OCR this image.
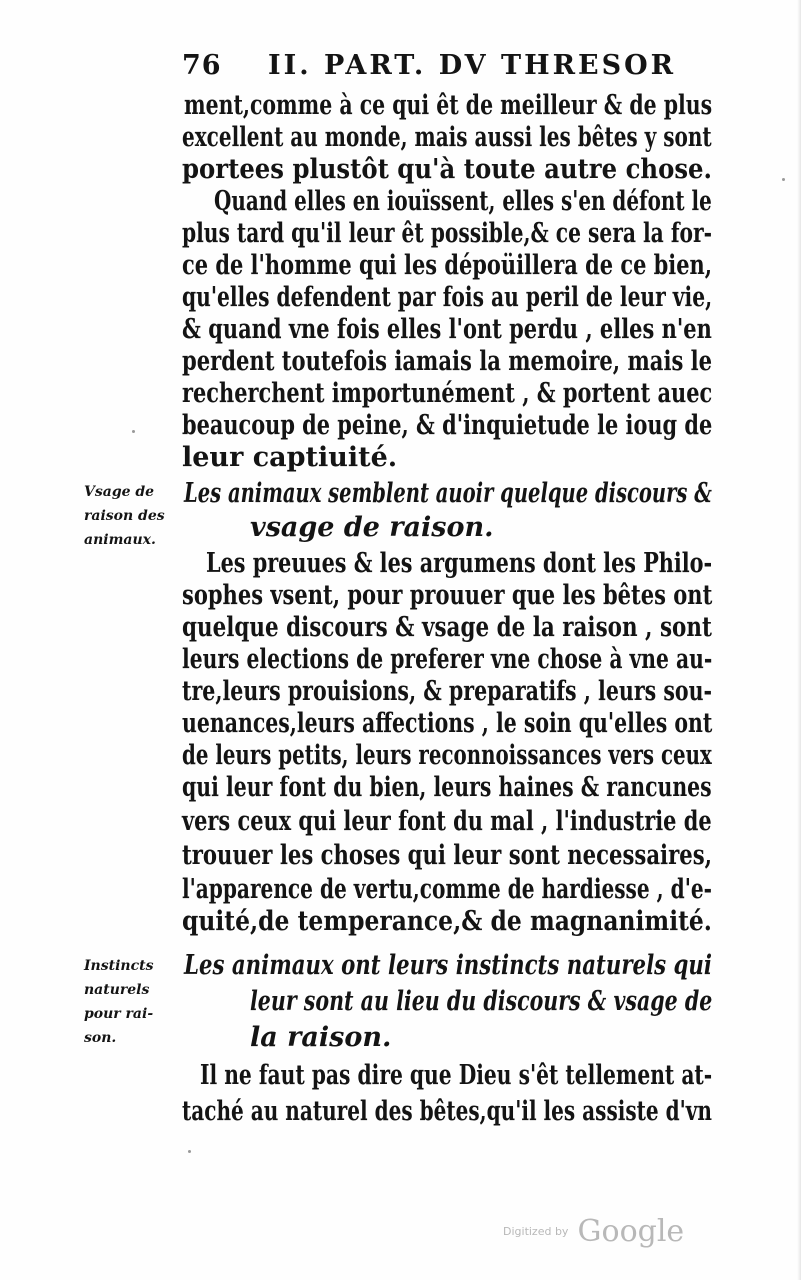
76 II. PART. DV THRESOR
ment,comme à ce qui êt de meilleur & de plus
excellent au monde, mais aussi les bêtes y sont
portees plustôt qu'à toute autre chose.
Quand elles en iouïssent, elles s'en défont le
plus tard qu'il leur êt possible,& ce sera la for-
ce de l'homme qui les dépoüillera de ce bien,
qu'elles defendent par fois au peril de leur vie,
& quand vne fois elles l'ont perdu , elles n'en
perdent toutefois iamais la memoire, mais le
recherchent importunément , & portent auec
beaucoup de peine, & d'inquietude le ioug de
leur captiuité.
Vsage de
raison des
animaux.
Les animaux semblent auoir quelque discours &
vsage de raison.
Les preuues & les argumens dont les Philo-
sophes vsent, pour prouuer que les bêtes ont
quelque discours & vsage de la raison , sont
leurs elections de preferer vne chose à vne au-
tre,leurs prouisions, & preparatifs , leurs sou-
uenances,leurs affections , le soin qu'elles ont
de leurs petits, leurs reconnoissances vers ceux
qui leur font du bien, leurs haines & rancunes
vers ceux qui leur font du mal , l'industrie de
trouuer les choses qui leur sont necessaires,
l'apparence de vertu,comme de hardiesse , d'e-
quité,de temperance,& de magnanimité.
Instincts
naturels
pour rai-
son.
Les animaux ont leurs instincts naturels qui
leur sont au lieu du discours & vsage de
la raison.
Il ne faut pas dire que Dieu s'êt tellement at-
taché au naturel des bêtes,qu'il les assiste d'vn
Digitized by Google
